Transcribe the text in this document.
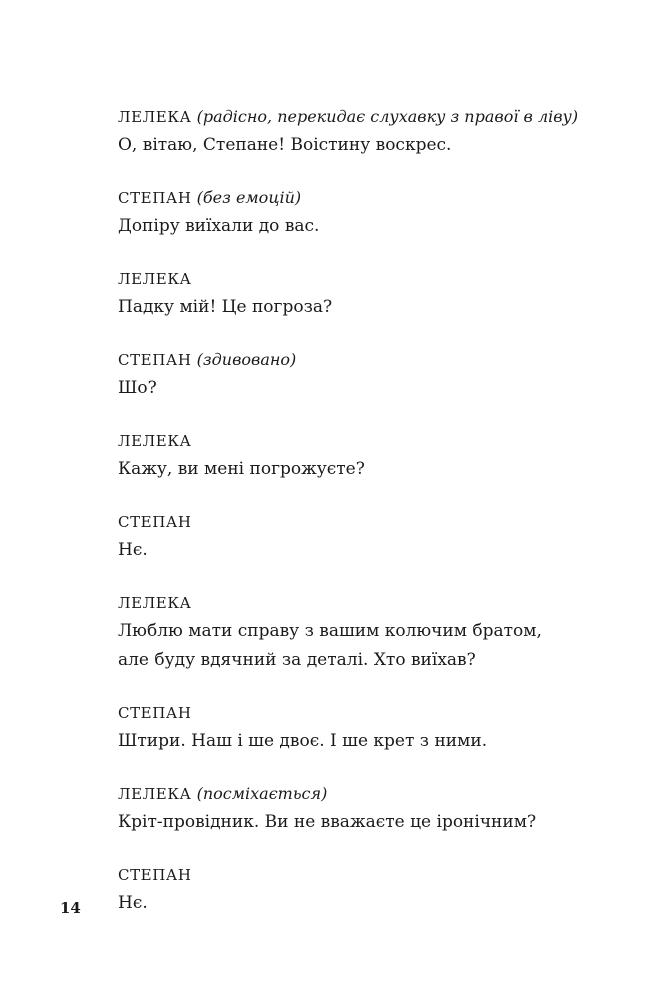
ЛЕЛЕКА (радісно, перекидає слухавку з правої в ліву)
О, вітаю, Степане! Воістину воскрес.
СТЕПАН (без емоцій)
Допіру виїхали до вас.
ЛЕЛЕКА
Падку мій! Це погроза?
СТЕПАН (здивовано)
Шо?
ЛЕЛЕКА
Кажу, ви мені погрожуєте?
СТЕПАН
Нє.
ЛЕЛЕКА
Люблю мати справу з вашим колючим братом, але буду вдячний за деталі. Хто виїхав?
СТЕПАН
Штири. Наш і ше двоє. І ше крет з ними.
ЛЕЛЕКА (посміхається)
Кріт-провідник. Ви не вважаєте це іронічним?
СТЕПАН
Нє.
14
